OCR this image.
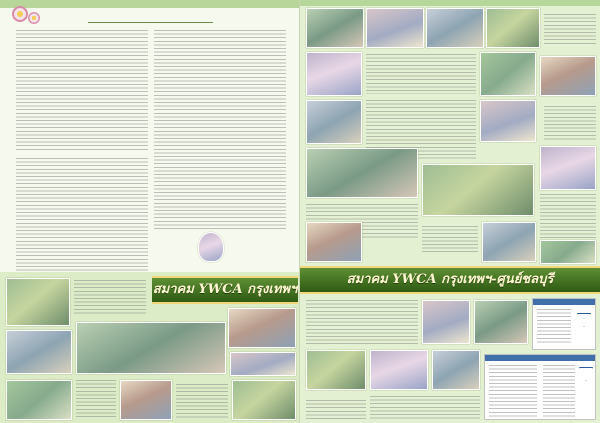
สมาคม YWCA กรุงเทพฯ
สมาคม YWCA กรุงเทพฯ-ศูนย์ชลบุรี
